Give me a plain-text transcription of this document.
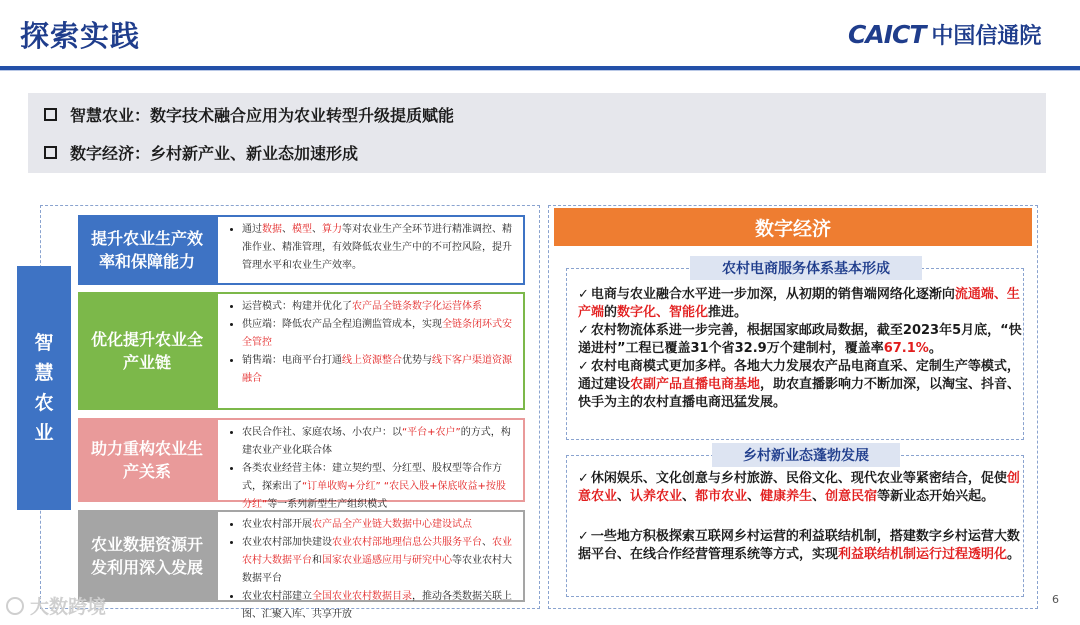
探索实践	CAICT 中国信通院
智慧农业：数字技术融合应用为农业转型升级提质赋能
数字经济：乡村新产业、新业态加速形成
智
慧
农
业
提升农业生产效率和保障能力
• 通过数据、模型、算力等对农业生产全环节进行精准调控、精准作业、精准管理，有效降低农业生产中的不可控风险，提升管理水平和农业生产效率。
优化提升农业全产业链
• 运营模式：构建并优化了农产品全链条数字化运营体系
• 供应端：降低农产品全程追溯监管成本，实现全链条闭环式安全管控
• 销售端：电商平台打通线上资源整合优势与线下客户渠道资源融合
助力重构农业生产关系
• 农民合作社、家庭农场、小农户：以“平台+农户”的方式，构建农业产业化联合体
• 各类农业经营主体：建立契约型、分红型、股权型等合作方式，探索出了“订单收购+分红” “农民入股+保底收益+按股分红”等一系列新型生产组织模式
农业数据资源开发利用深入发展
• 农业农村部开展农产品全产业链大数据中心建设试点
• 农业农村部加快建设农业农村部地理信息公共服务平台、农业农村大数据平台和国家农业遥感应用与研究中心等农业农村大数据平台
• 农业农村部建立全国农业农村数据目录，推动各类数据关联上图、汇聚入库、共享开放
数字经济
农村电商服务体系基本形成
✓ 电商与农业融合水平进一步加深，从初期的销售端网络化逐渐向流通端、生产端的数字化、智能化推进。
✓ 农村物流体系进一步完善，根据国家邮政局数据，截至2023年5月底，“快递进村”工程已覆盖31个省32.9万个建制村，覆盖率67.1%。
✓ 农村电商模式更加多样。各地大力发展农产品电商直采、定制生产等模式，通过建设农副产品直播电商基地，助农直播影响力不断加深，以淘宝、抖音、快手为主的农村直播电商迅猛发展。
乡村新业态蓬勃发展
✓ 休闲娱乐、文化创意与乡村旅游、民俗文化、现代农业等紧密结合，促使创意农业、认养农业、都市农业、健康养生、创意民宿等新业态开始兴起。
✓ 一些地方积极探索互联网乡村运营的利益联结机制，搭建数字乡村运营大数据平台、在线合作经营管理系统等方式，实现利益联结机制运行过程透明化。
6
大数跨境
